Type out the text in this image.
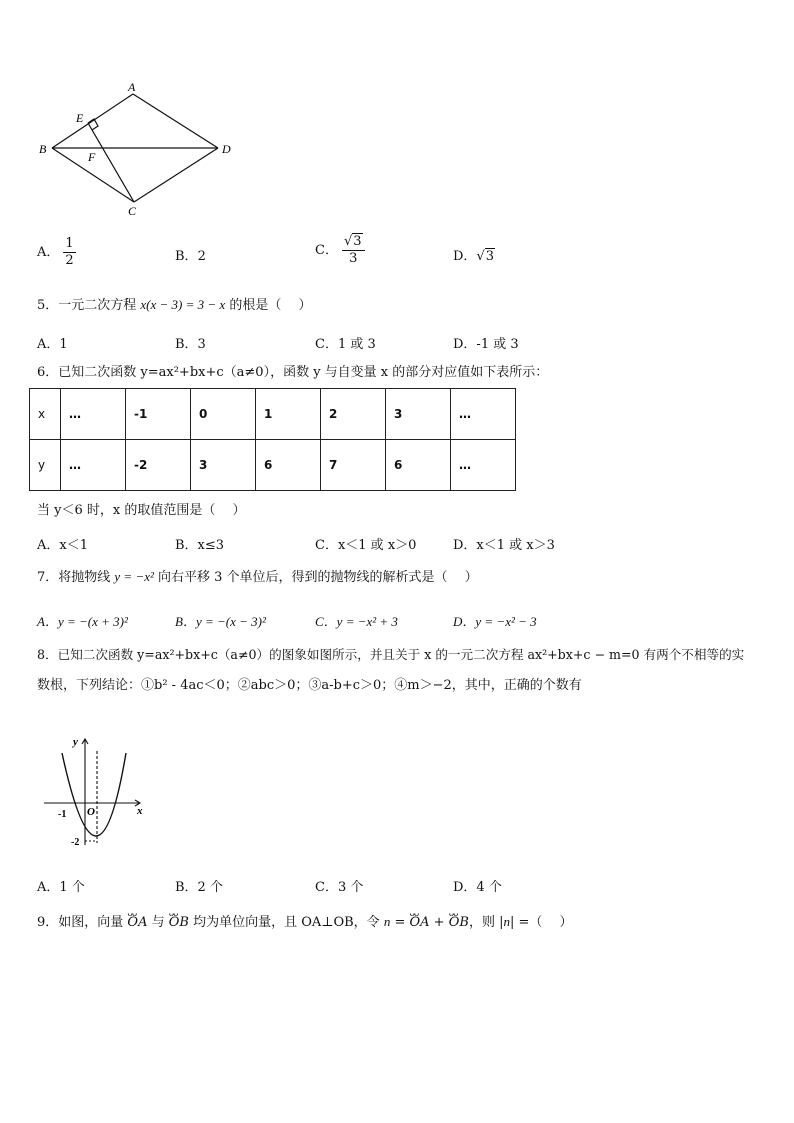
A
B
C
D
E
F
A． $\frac{1}{2}$	B．2	C． $\frac{√3}{3}$	D．√3
5．一元二次方程 x(x − 3) = 3 − x 的根是（　 ）
A．1	B．3	C．1 或 3	D．-1 或 3
6．已知二次函数 y=ax²+bx+c（a≠0），函数 y 与自变量 x 的部分对应值如下表所示：
x	…	-1	0	1	2	3	…
y	…	-2	3	6	7	6	…
当 y＜6 时，x 的取值范围是（　 ）
A．x＜1	B．x≤3	C．x＜1 或 x＞0	D．x＜1 或 x＞3
7．将抛物线 y = −x² 向右平移 3 个单位后，得到的抛物线的解析式是（　 ）
A．y = −(x + 3)²	B．y = −(x − 3)²	C．y = −x² + 3	D．y = −x² − 3
8．已知二次函数 y=ax²+bx+c（a≠0）的图象如图所示，并且关于 x 的一元二次方程 ax²+bx+c − m=0 有两个不相等的实
数根，下列结论：①b² - 4ac＜0；②abc＞0；③a-b+c＞0；④m＞−2，其中，正确的个数有
y
x
O
-1
-2
A．1 个	B．2 个	C．3 个	D．4 个
9．如图，向量 ᴗᴗ OA 与 ᴗᴗ OB 均为单位向量，且 OA⊥OB，令 n = ᴗᴗ OA + ᴗᴗ OB，则 |n| =（　 ）
